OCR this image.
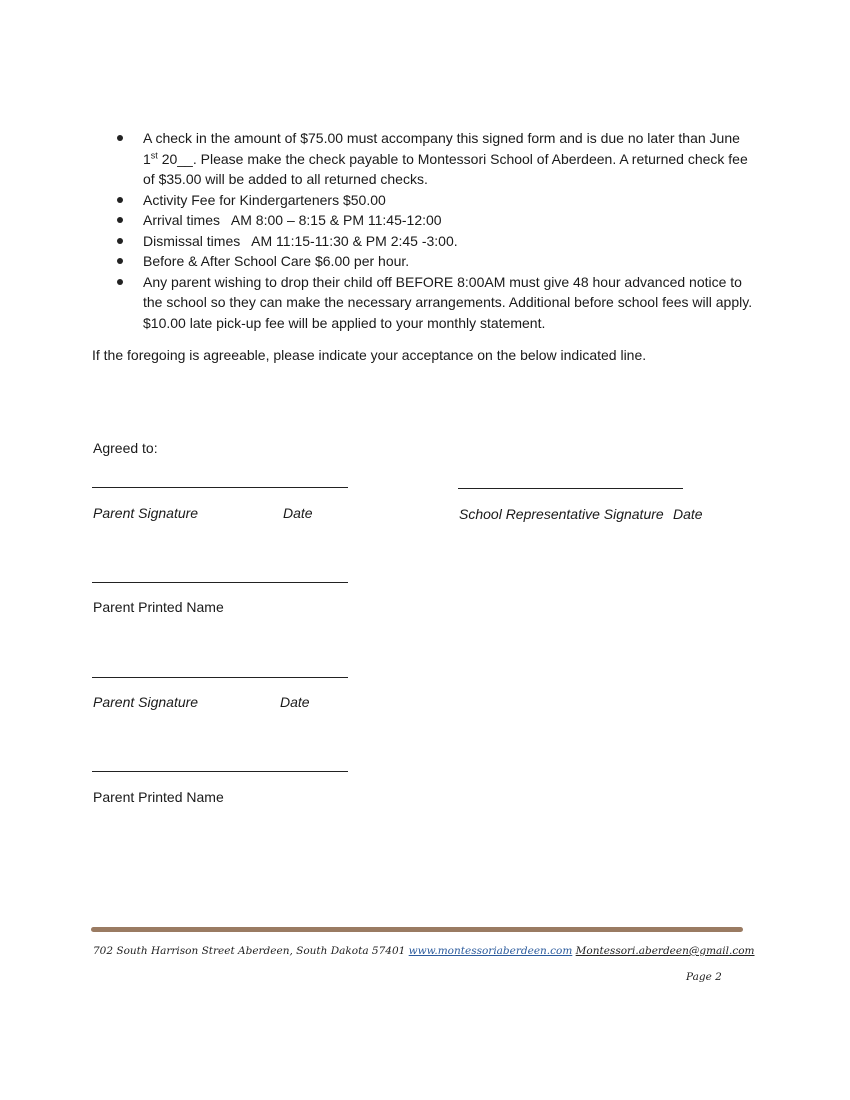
A check in the amount of $75.00 must accompany this signed form and is due no later than June 1st 20__. Please make the check payable to Montessori School of Aberdeen. A returned check fee of $35.00 will be added to all returned checks.
Activity Fee for Kindergarteners $50.00
Arrival times AM 8:00 – 8:15 & PM 11:45-12:00
Dismissal times AM 11:15-11:30 & PM 2:45 -3:00.
Before & After School Care $6.00 per hour.
Any parent wishing to drop their child off BEFORE 8:00AM must give 48 hour advanced notice to the school so they can make the necessary arrangements. Additional before school fees will apply. $10.00 late pick-up fee will be applied to your monthly statement.

If the foregoing is agreeable, please indicate your acceptance on the below indicated line.

Agreed to:
Parent Signature	Date	School Representative Signature Date
Parent Printed Name
Parent Signature	Date
Parent Printed Name
702 South Harrison Street Aberdeen, South Dakota 57401 www.montessoriaberdeen.com Montessori.aberdeen@gmail.com
Page 2
